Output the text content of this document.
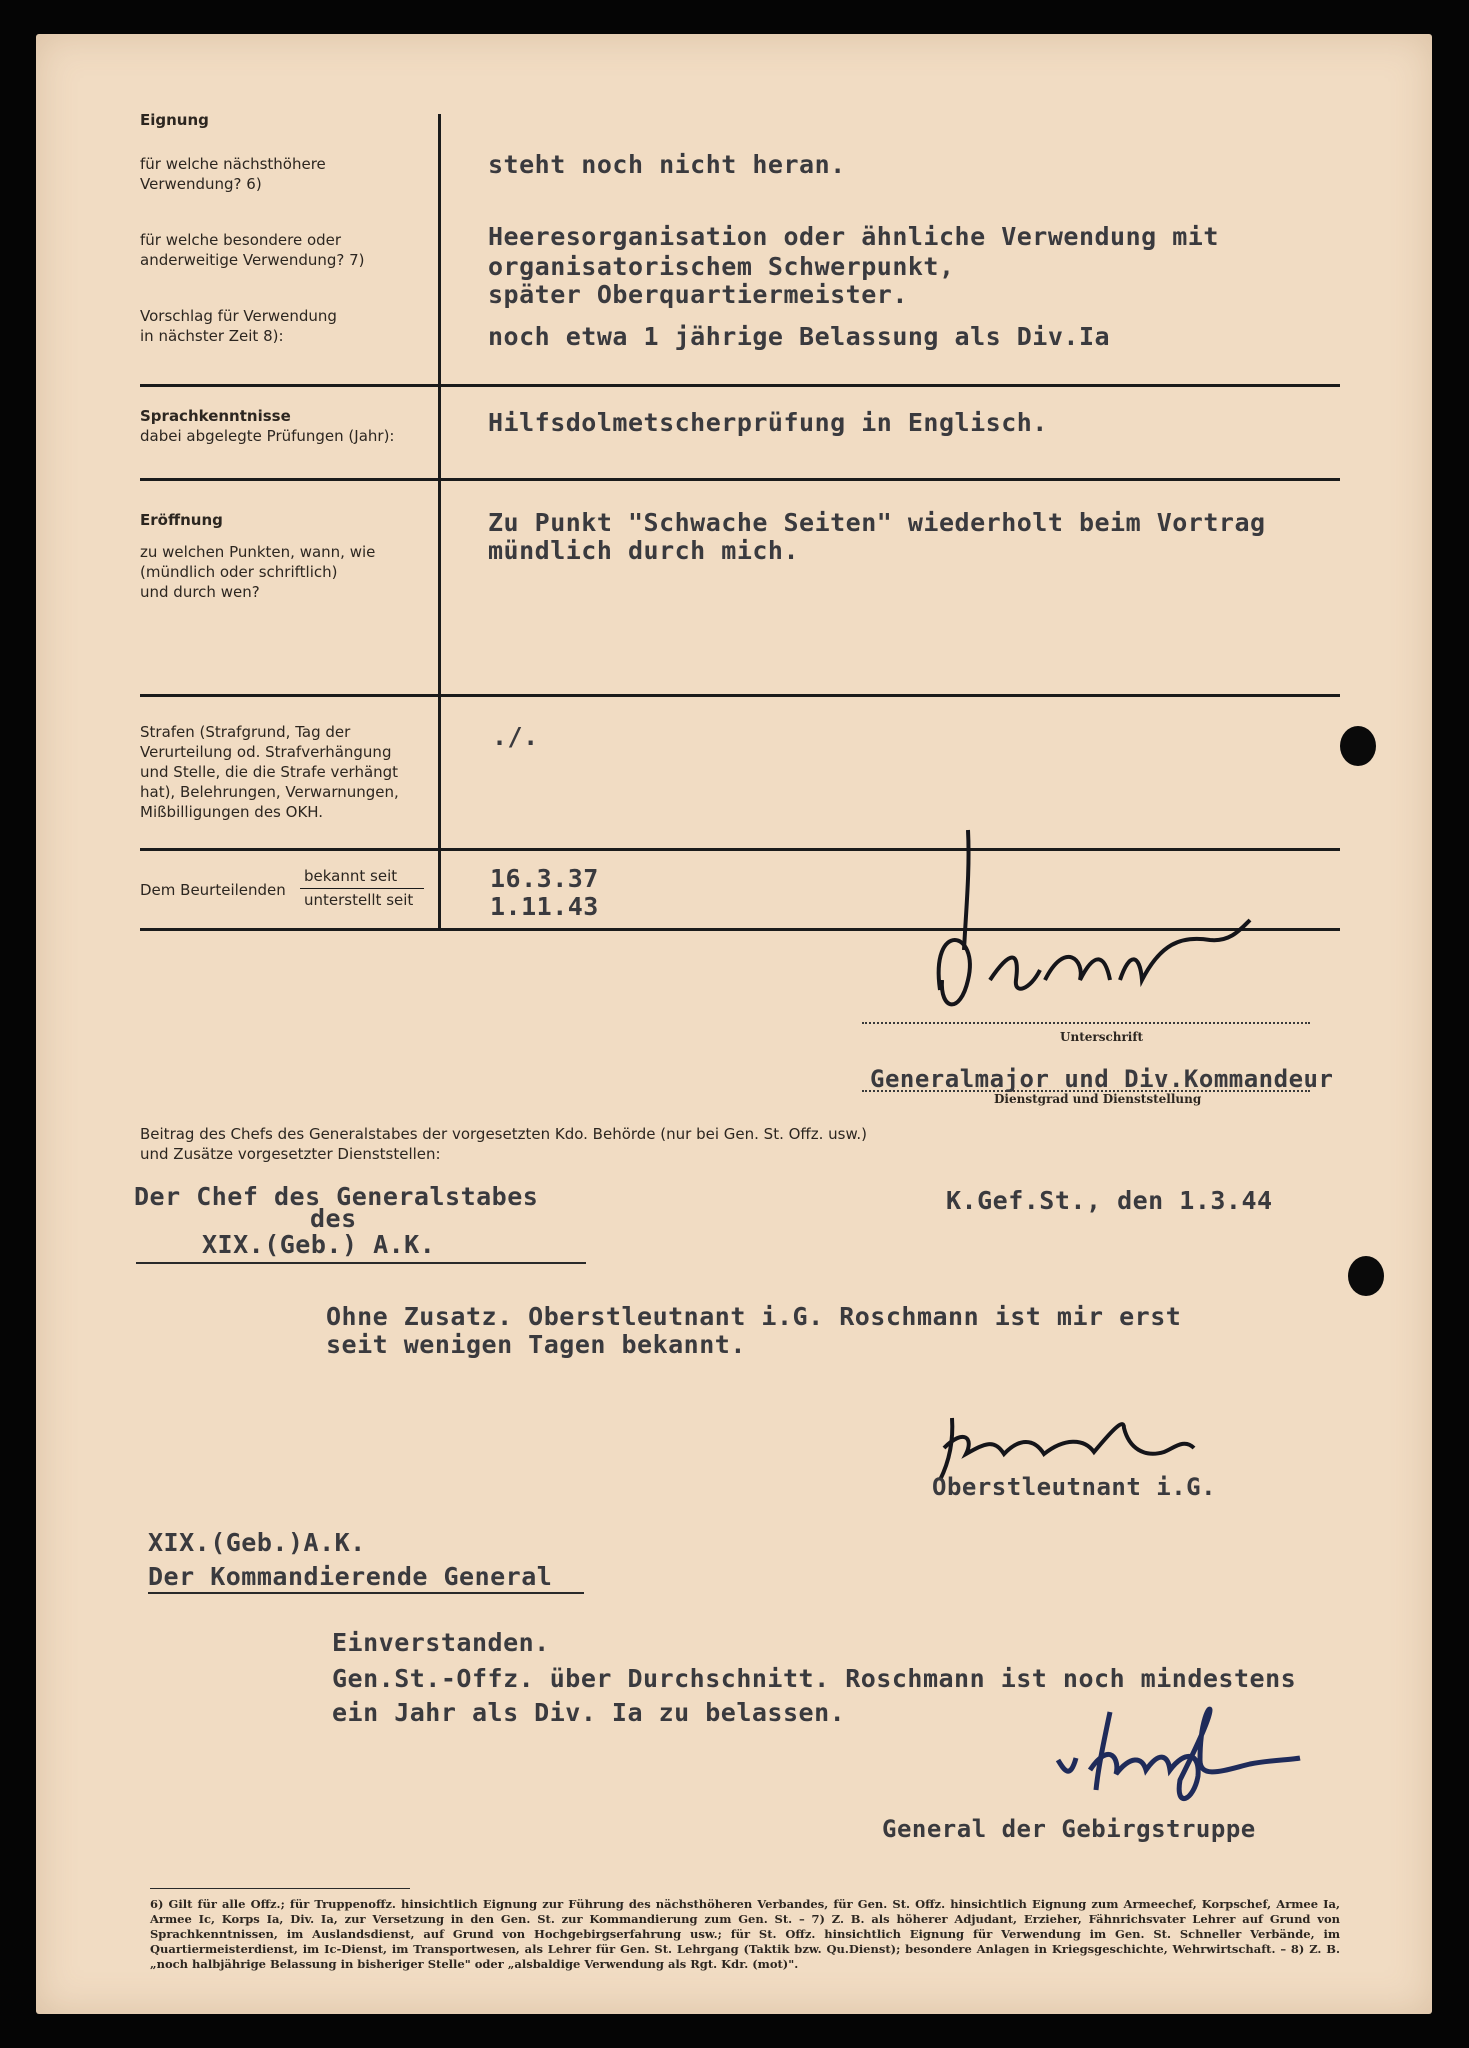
Eignung
für welche nächsthöhere
Verwendung? 6)
für welche besondere oder
anderweitige Verwendung? 7)
Vorschlag für Verwendung
in nächster Zeit 8):
steht noch nicht heran.
Heeresorganisation oder ähnliche Verwendung mit
organisatorischem Schwerpunkt,
später Oberquartiermeister.
noch etwa 1 jährige Belassung als Div.Ia
Sprachkenntnisse
dabei abgelegte Prüfungen (Jahr):	Hilfsdolmetscherprüfung in Englisch.
Eröffnung
zu welchen Punkten, wann, wie
(mündlich oder schriftlich)
und durch wen?
Zu Punkt "Schwache Seiten" wiederholt beim Vortrag
mündlich durch mich.
Strafen (Strafgrund, Tag der
Verurteilung od. Strafverhängung
und Stelle, die die Strafe verhängt
hat), Belehrungen, Verwarnungen,
Mißbilligungen des OKH.
./.
Dem Beurteilenden
bekannt seit
unterstellt seit
16.3.37
1.11.43
Unterschrift
Generalmajor und Div.Kommandeur
Dienstgrad und Dienststellung
Beitrag des Chefs des Generalstabes der vorgesetzten Kdo. Behörde (nur bei Gen. St. Offz. usw.)
und Zusätze vorgesetzter Dienststellen:
Der Chef des Generalstabes
des
XIX.(Geb.) A.K.
K.Gef.St., den 1.3.44
Ohne Zusatz. Oberstleutnant i.G. Roschmann ist mir erst
seit wenigen Tagen bekannt.
Oberstleutnant i.G.
XIX.(Geb.)A.K.
Der Kommandierende General
Einverstanden.
Gen.St.-Offz. über Durchschnitt. Roschmann ist noch mindestens
ein Jahr als Div. Ia zu belassen.
General der Gebirgstruppe
6) Gilt für alle Offz.; für Truppenoffz. hinsichtlich Eignung zur Führung des nächsthöheren Verbandes, für Gen. St. Offz. hinsichtlich Eignung zum Armeechef, Korpschef, Armee Ia, Armee Ic, Korps Ia, Div. Ia, zur Versetzung in den Gen. St. zur Kommandierung zum Gen. St. – 7) Z. B. als höherer Adjudant, Erzieher, Fähnrichsvater Lehrer auf Grund von Sprachkenntnissen, im Auslandsdienst, auf Grund von Hochgebirgserfahrung usw.; für St. Offz. hinsichtlich Eignung für Verwendung im Gen. St. Schneller Verbände, im Quartiermeisterdienst, im Ic-Dienst, im Transportwesen, als Lehrer für Gen. St. Lehrgang (Taktik bzw. Qu.Dienst); besondere Anlagen in Kriegsgeschichte, Wehrwirtschaft. – 8) Z. B. „noch halbjährige Belassung in bisheriger Stelle" oder „alsbaldige Verwendung als Rgt. Kdr. (mot)".
